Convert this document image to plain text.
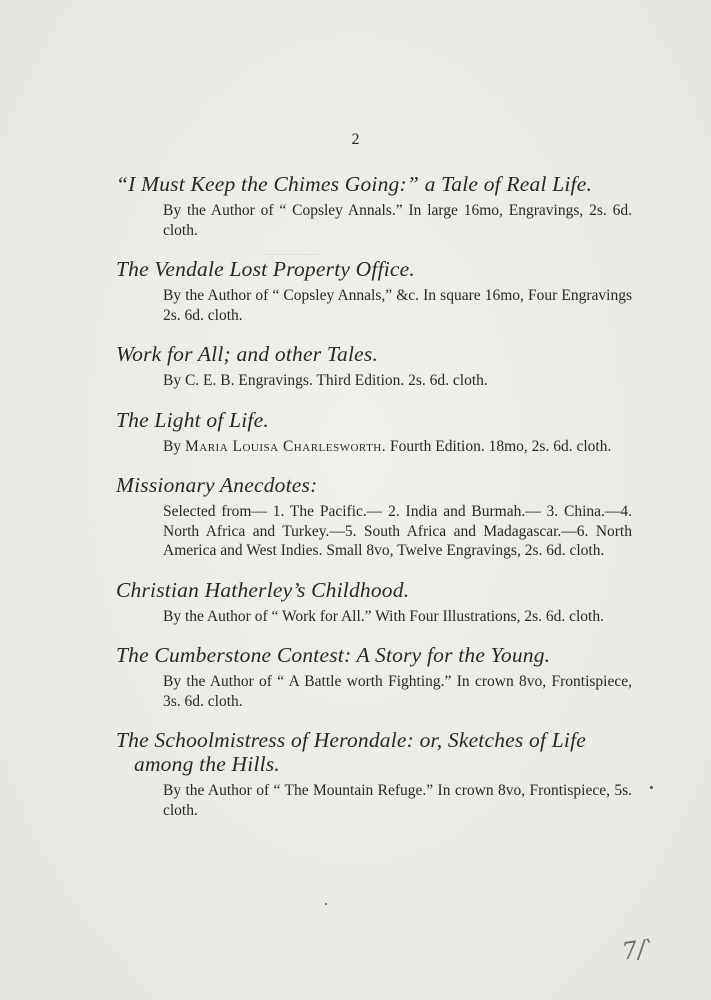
2

“I Must Keep the Chimes Going:” a Tale of Real Life.

By the Author of “ Copsley Annals.” In large 16mo, Engravings, 2s. 6d. cloth.

The Vendale Lost Property Office.

By the Author of “ Copsley Annals,” &c. In square 16mo, Four Engravings 2s. 6d. cloth.

Work for All; and other Tales.

By C. E. B. Engravings. Third Edition. 2s. 6d. cloth.

The Light of Life.

By Maria Louisa Charlesworth. Fourth Edition. 18mo, 2s. 6d. cloth.

Missionary Anecdotes:

Selected from— 1. The Pacific.— 2. India and Burmah.— 3. China.—4. North Africa and Turkey.—5. South Africa and Madagascar.—6. North America and West Indies. Small 8vo, Twelve Engravings, 2s. 6d. cloth.

Christian Hatherley’s Childhood.

By the Author of “ Work for All.” With Four Illustrations, 2s. 6d. cloth.

The Cumberstone Contest: A Story for the Young.

By the Author of “ A Battle worth Fighting.” In crown 8vo, Frontispiece, 3s. 6d. cloth.

The Schoolmistress of Herondale: or, Sketches of Life among the Hills.

By the Author of “ The Mountain Refuge.” In crown 8vo, Frontispiece, 5s. cloth.
7/‵
